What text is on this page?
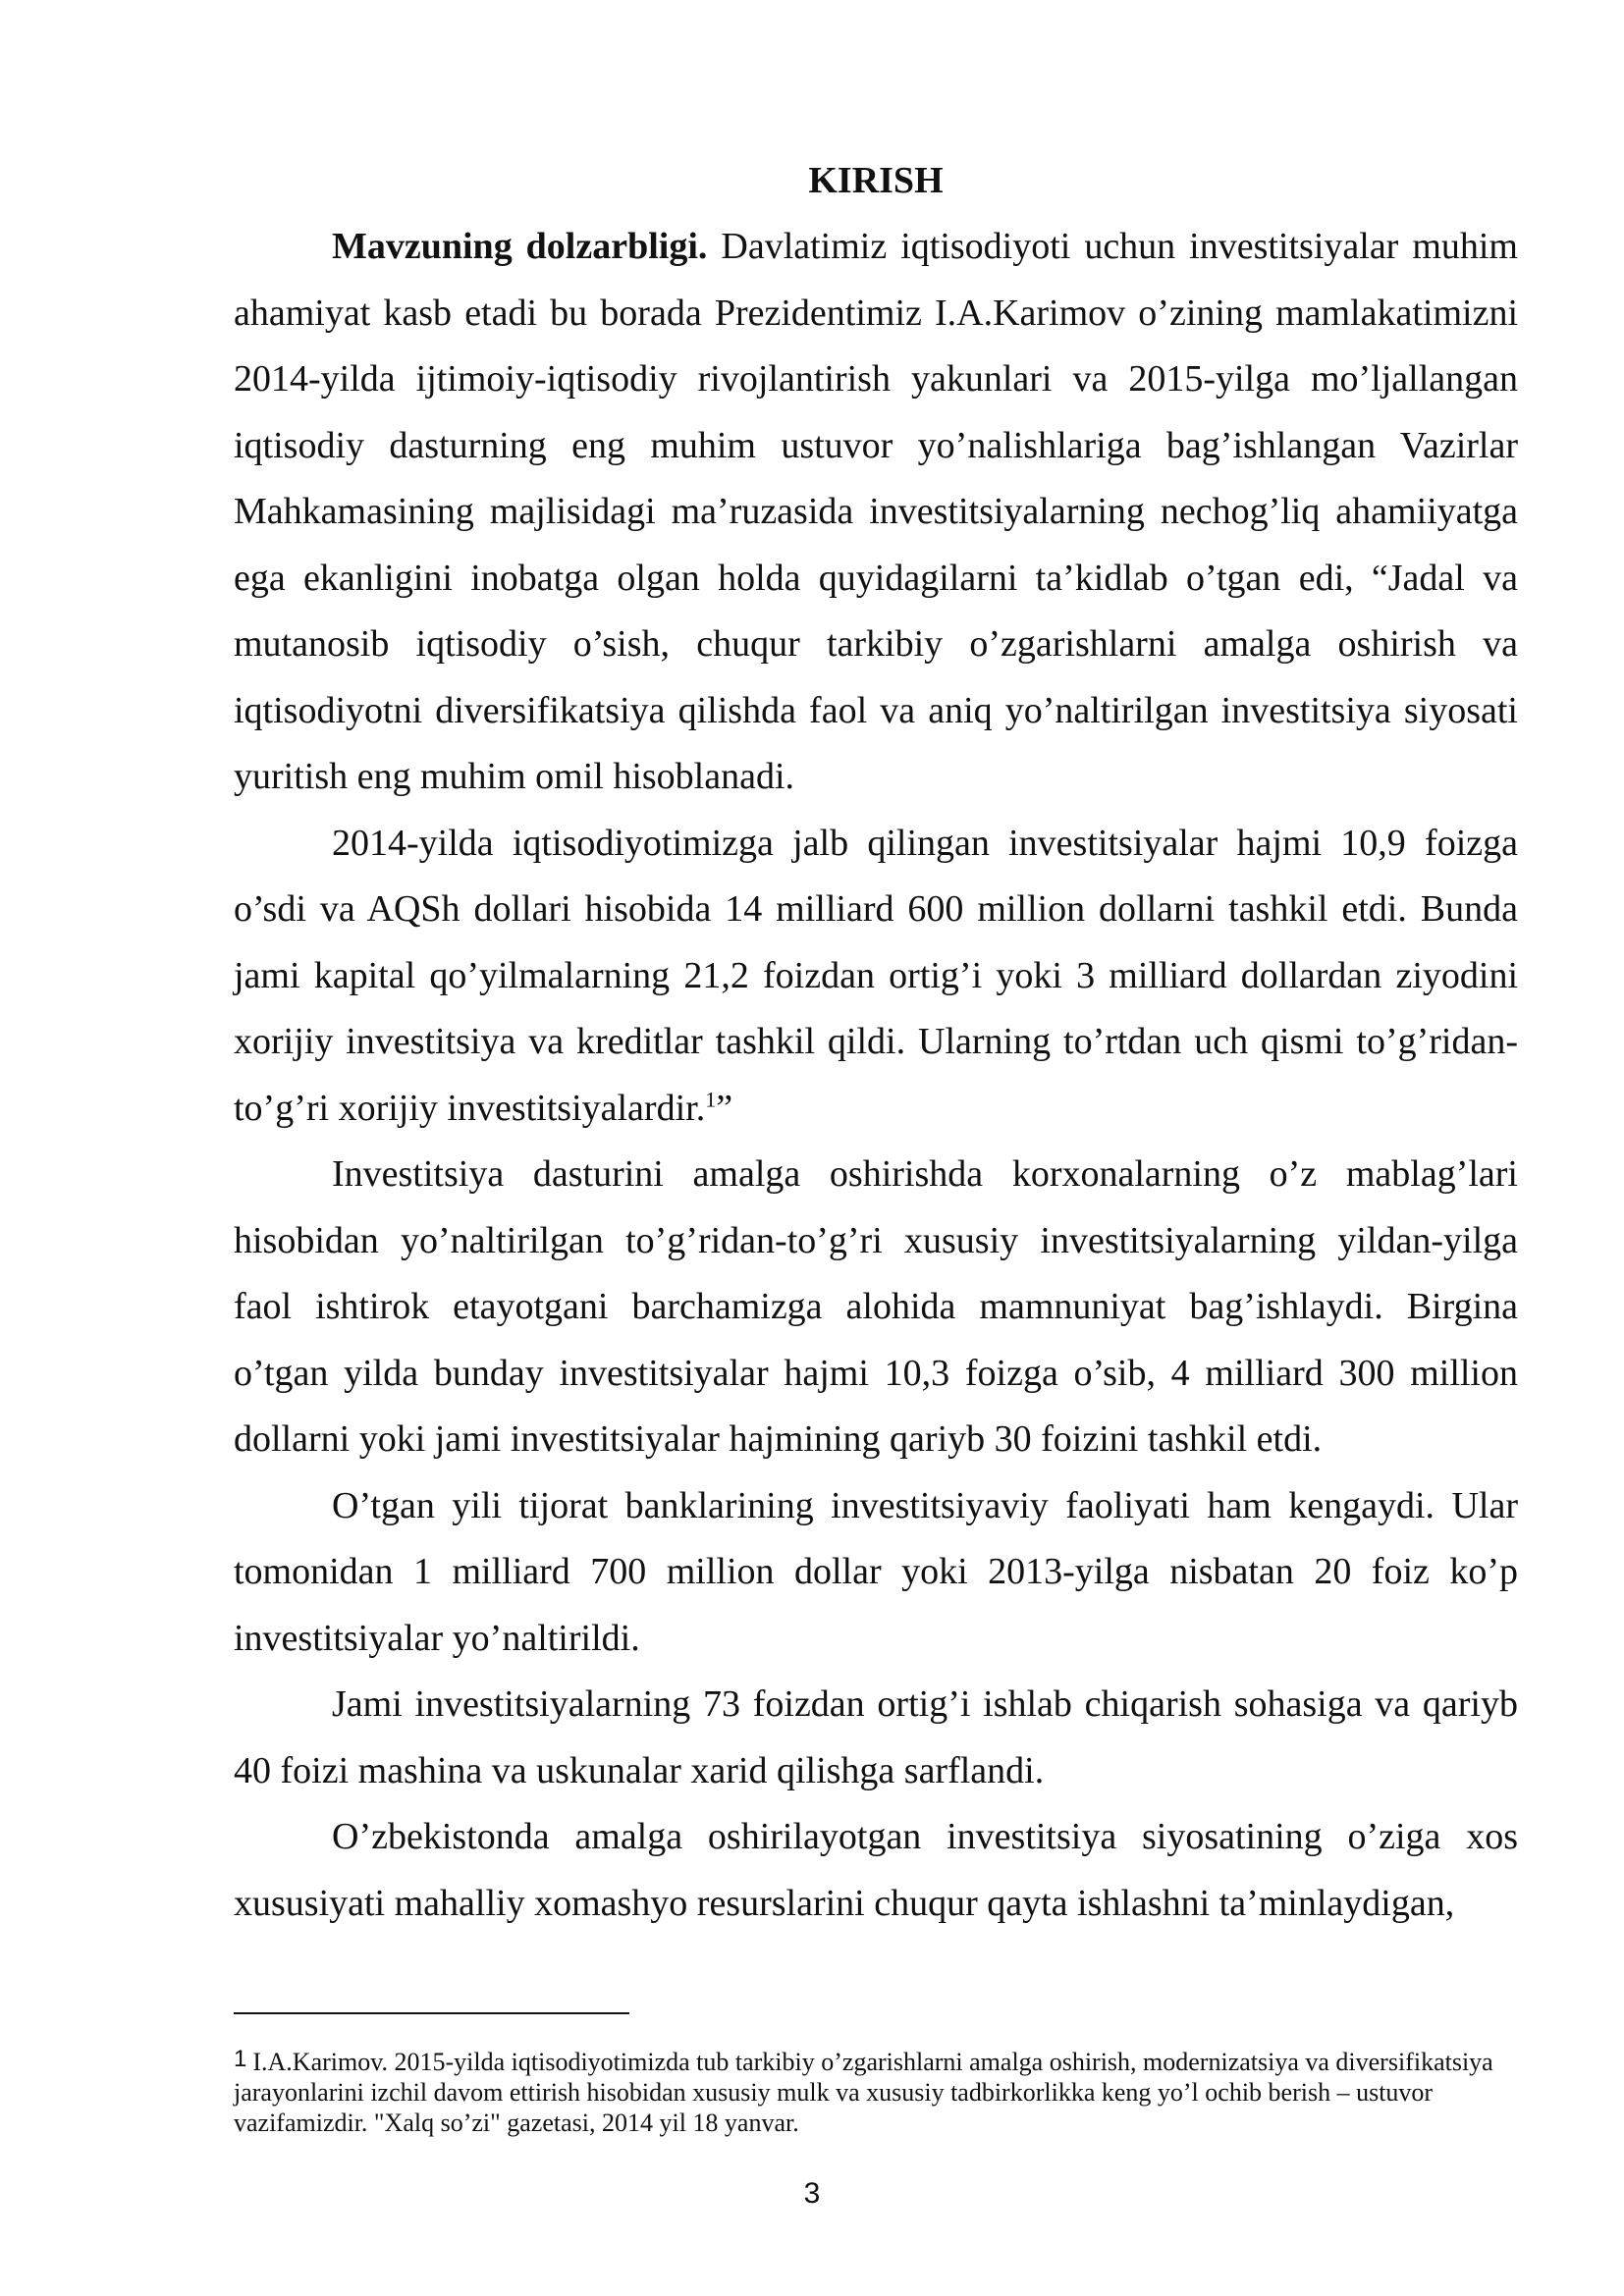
KIRISH

Mavzuning dolzarbligi. Davlatimiz iqtisodiyoti uchun investitsiyalar muhim ahamiyat kasb etadi bu borada Prezidentimiz I.A.Karimov o’zining mamlakatimizni 2014-yilda ijtimoiy-iqtisodiy rivojlantirish yakunlari va 2015-yilga mo’ljallangan iqtisodiy dasturning eng muhim ustuvor yo’nalishlariga bag’ishlangan Vazirlar Mahkamasining majlisidagi ma’ruzasida investitsiyalarning nechog’liq ahamiiyatga ega ekanligini inobatga olgan holda quyidagilarni ta’kidlab o’tgan edi, “Jadal va mutanosib iqtisodiy o’sish, chuqur tarkibiy o’zgarishlarni amalga oshirish va iqtisodiyotni diversifikatsiya qilishda faol va aniq yo’naltirilgan investitsiya siyosati yuritish eng muhim omil hisoblanadi.

2014-yilda iqtisodiyotimizga jalb qilingan investitsiyalar hajmi 10,9 foizga o’sdi va AQSh dollari hisobida 14 milliard 600 million dollarni tashkil etdi. Bunda jami kapital qo’yilmalarning 21,2 foizdan ortig’i yoki 3 milliard dollardan ziyodini xorijiy investitsiya va kreditlar tashkil qildi. Ularning to’rtdan uch qismi to’g’ridan-to’g’ri xorijiy investitsiyalardir.$^1$”

Investitsiya dasturini amalga oshirishda korxonalarning o’z mablag’lari hisobidan yo’naltirilgan to’g’ridan-to’g’ri xususiy investitsiyalarning yildan-yilga faol ishtirok etayotgani barchamizga alohida mamnuniyat bag’ishlaydi. Birgina o’tgan yilda bunday investitsiyalar hajmi 10,3 foizga o’sib, 4 milliard 300 million dollarni yoki jami investitsiyalar hajmining qariyb 30 foizini tashkil etdi.

O’tgan yili tijorat banklarining investitsiyaviy faoliyati ham kengaydi. Ular tomonidan 1 milliard 700 million dollar yoki 2013-yilga nisbatan 20 foiz ko’p investitsiyalar yo’naltirildi.

Jami investitsiyalarning 73 foizdan ortig’i ishlab chiqarish sohasiga va qariyb 40 foizi mashina va uskunalar xarid qilishga sarflandi.

O’zbekistonda amalga oshirilayotgan investitsiya siyosatining o’ziga xos xususiyati mahalliy xomashyo resurslarini chuqur qayta ishlashni ta’minlaydigan,

1 I.A.Karimov. 2015-yilda iqtisodiyotimizda tub tarkibiy o’zgarishlarni amalga oshirish, modernizatsiya va diversifikatsiya jarayonlarini izchil davom ettirish hisobidan xususiy mulk va xususiy tadbirkorlikka keng yo’l ochib berish – ustuvor vazifamizdir. "Xalq so’zi" gazetasi, 2014 yil 18 yanvar.

3
